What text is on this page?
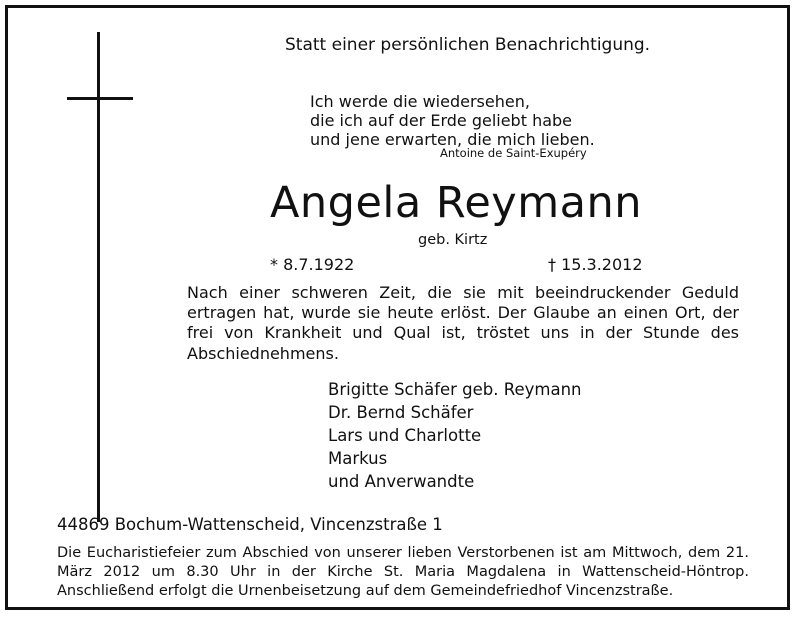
Statt einer persönlichen Benachrichtigung.
Ich werde die wiedersehen,
die ich auf der Erde geliebt habe
und jene erwarten, die mich lieben.
Antoine de Saint-Exupéry
Angela Reymann
geb. Kirtz
* 8.7.1922	† 15.3.2012
Nach einer schweren Zeit, die sie mit beeindruckender Geduld ertragen hat, wurde sie heute erlöst. Der Glaube an einen Ort, der frei von Krankheit und Qual ist, tröstet uns in der Stunde des Abschiednehmens.
Brigitte Schäfer geb. Reymann
Dr. Bernd Schäfer
Lars und Charlotte
Markus
und Anverwandte
44869 Bochum-Wattenscheid, Vincenzstraße 1
Die Eucharistiefeier zum Abschied von unserer lieben Verstorbenen ist am Mittwoch, dem 21. März 2012 um 8.30 Uhr in der Kirche St. Maria Magdalena in Wattenscheid-Höntrop. Anschließend erfolgt die Urnenbeisetzung auf dem Gemeindefriedhof Vincenzstraße.
